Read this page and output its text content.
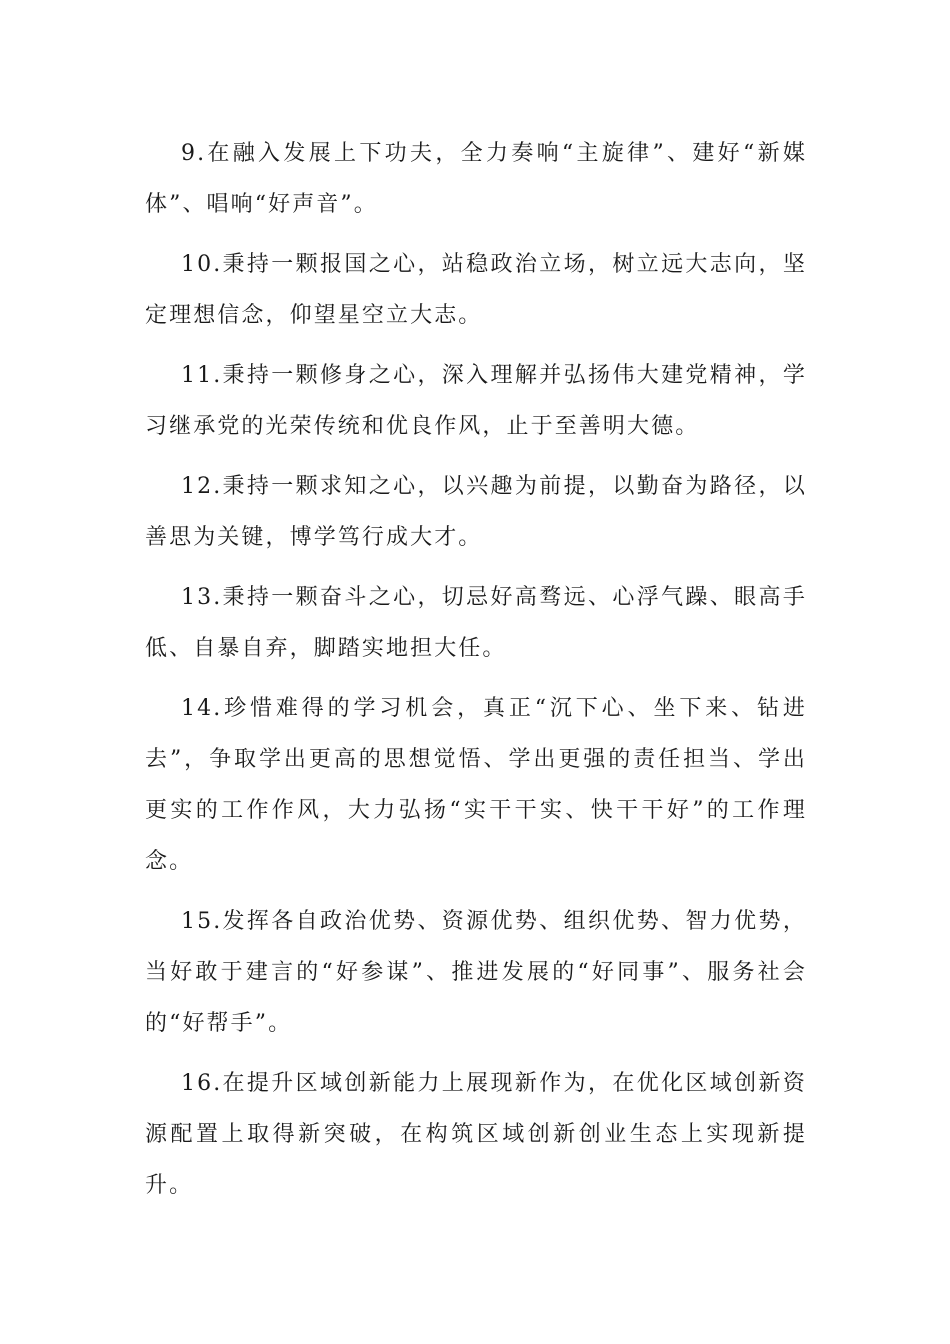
9.在融入发展上下功夫，全力奏响“主旋律”、建好“新媒体”、唱响“好声音”。

10.秉持一颗报国之心，站稳政治立场，树立远大志向，坚定理想信念，仰望星空立大志。

11.秉持一颗修身之心，深入理解并弘扬伟大建党精神，学习继承党的光荣传统和优良作风，止于至善明大德。

12.秉持一颗求知之心，以兴趣为前提，以勤奋为路径，以善思为关键，博学笃行成大才。

13.秉持一颗奋斗之心，切忌好高骛远、心浮气躁、眼高手低、自暴自弃，脚踏实地担大任。

14.珍惜难得的学习机会，真正“沉下心、坐下来、钻进去”，争取学出更高的思想觉悟、学出更强的责任担当、学出更实的工作作风，大力弘扬“实干干实、快干干好”的工作理念。

15.发挥各自政治优势、资源优势、组织优势、智力优势，当好敢于建言的“好参谋”、推进发展的“好同事”、服务社会的“好帮手”。

16.在提升区域创新能力上展现新作为，在优化区域创新资源配置上取得新突破，在构筑区域创新创业生态上实现新提升。
